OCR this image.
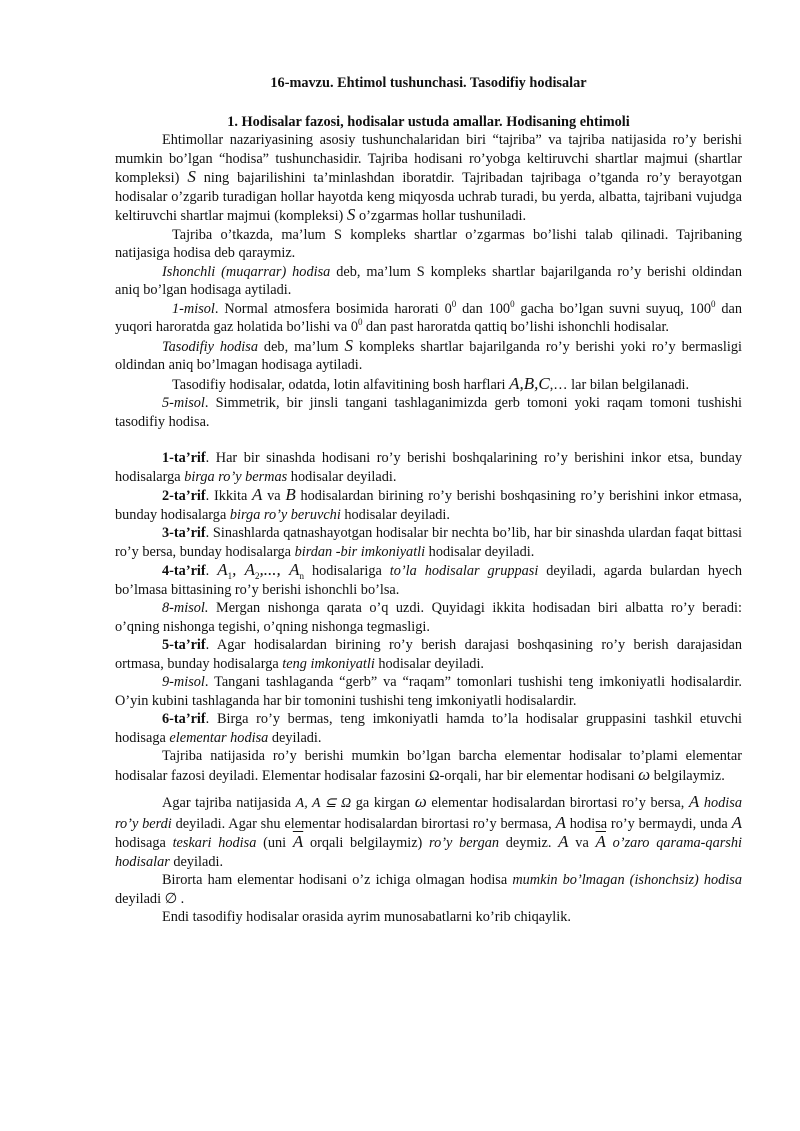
16-mavzu. Ehtimol tushunchasi. Tasodifiy hodisalar

1. Hodisalar fazosi, hodisalar ustuda amallar. Hodisaning ehtimoli

Ehtimollar nazariyasining asosiy tushunchalaridan biri “tajriba” va tajriba natijasida ro’y berishi mumkin bo’lgan “hodisa” tushunchasidir. Tajriba hodisani ro’yobga keltiruvchi shartlar majmui (shartlar kompleksi) S ning bajarilishini ta’minlashdan iboratdir. Tajribadan tajribaga o’tganda ro’y berayotgan hodisalar o’zgarib turadigan hollar hayotda keng miqyosda uchrab turadi, bu yerda, albatta, tajribani vujudga keltiruvchi shartlar majmui (kompleksi) S o’zgarmas hollar tushuniladi.

Tajriba o’tkazda, ma’lum S kompleks shartlar o’zgarmas bo’lishi talab qilinadi. Tajribaning natijasiga hodisa deb qaraymiz.

Ishonchli (muqarrar) hodisa deb, ma’lum S kompleks shartlar bajarilganda ro’y berishi oldindan aniq bo’lgan hodisaga aytiladi.

1-misol. Normal atmosfera bosimida harorati $0^0$ dan $100^0$ gacha bo’lgan suvni suyuq, $100^0$ dan yuqori haroratda gaz holatida bo’lishi va $0^0$ dan past haroratda qattiq bo’lishi ishonchli hodisalar.

Tasodifiy hodisa deb, ma’lum S kompleks shartlar bajarilganda ro’y berishi yoki ro’y bermasligi oldindan aniq bo’lmagan hodisaga aytiladi.

Tasodifiy hodisalar, odatda, lotin alfavitining bosh harflari A,B,C,… lar bilan belgilanadi.

5-misol. Simmetrik, bir jinsli tangani tashlaganimizda gerb tomoni yoki raqam tomoni tushishi tasodifiy hodisa.

1-ta’rif. Har bir sinashda hodisani ro’y berishi boshqalarining ro’y berishini inkor etsa, bunday hodisalarga birga ro’y bermas hodisalar deyiladi.

2-ta’rif. Ikkita A va B hodisalardan birining ro’y berishi boshqasining ro’y berishini inkor etmasa, bunday hodisalarga birga ro’y beruvchi hodisalar deyiladi.

3-ta’rif. Sinashlarda qatnashayotgan hodisalar bir nechta bo’lib, har bir sinashda ulardan faqat bittasi ro’y bersa, bunday hodisalarga birdan -bir imkoniyatli hodisalar deyiladi.

4-ta’rif. $A_1$, $A_2$,..., $A_n$ hodisalariga to’la hodisalar gruppasi deyiladi, agarda bulardan hyech bo’lmasa bittasining ro’y berishi ishonchli bo’lsa.

8-misol. Mergan nishonga qarata o’q uzdi. Quyidagi ikkita hodisadan biri albatta ro’y beradi: o’qning nishonga tegishi, o’qning nishonga tegmasligi.

5-ta’rif. Agar hodisalardan birining ro’y berish darajasi boshqasining ro’y berish darajasidan ortmasa, bunday hodisalarga teng imkoniyatli hodisalar deyiladi.

9-misol. Tangani tashlaganda “gerb” va “raqam” tomonlari tushishi teng imkoniyatli hodisalardir. O’yin kubini tashlaganda har bir tomonini tushishi teng imkoniyatli hodisalardir.

6-ta’rif. Birga ro’y bermas, teng imkoniyatli hamda to’la hodisalar gruppasini tashkil etuvchi hodisaga elementar hodisa deyiladi.

Tajriba natijasida ro’y berishi mumkin bo’lgan barcha elementar hodisalar to’plami elementar hodisalar fazosi deyiladi. Elementar hodisalar fazosini Ω-orqali, har bir elementar hodisani ω belgilaymiz.

Agar tajriba natijasida A, A ⊆ Ω ga kirgan ω elementar hodisalardan birortasi ro’y bersa, A hodisa ro’y berdi deyiladi. Agar shu elementar hodisalardan birortasi ro’y bermasa, A hodisa ro’y bermaydi, unda A hodisaga teskari hodisa (uni $\overline{A}$ orqali belgilaymiz) ro’y bergan deymiz. A va $\overline{A}$ o’zaro qarama-qarshi hodisalar deyiladi.

Birorta ham elementar hodisani o’z ichiga olmagan hodisa mumkin bo’lmagan (ishonchsiz) hodisa deyiladi ∅ .

Endi tasodifiy hodisalar orasida ayrim munosabatlarni ko’rib chiqaylik.
